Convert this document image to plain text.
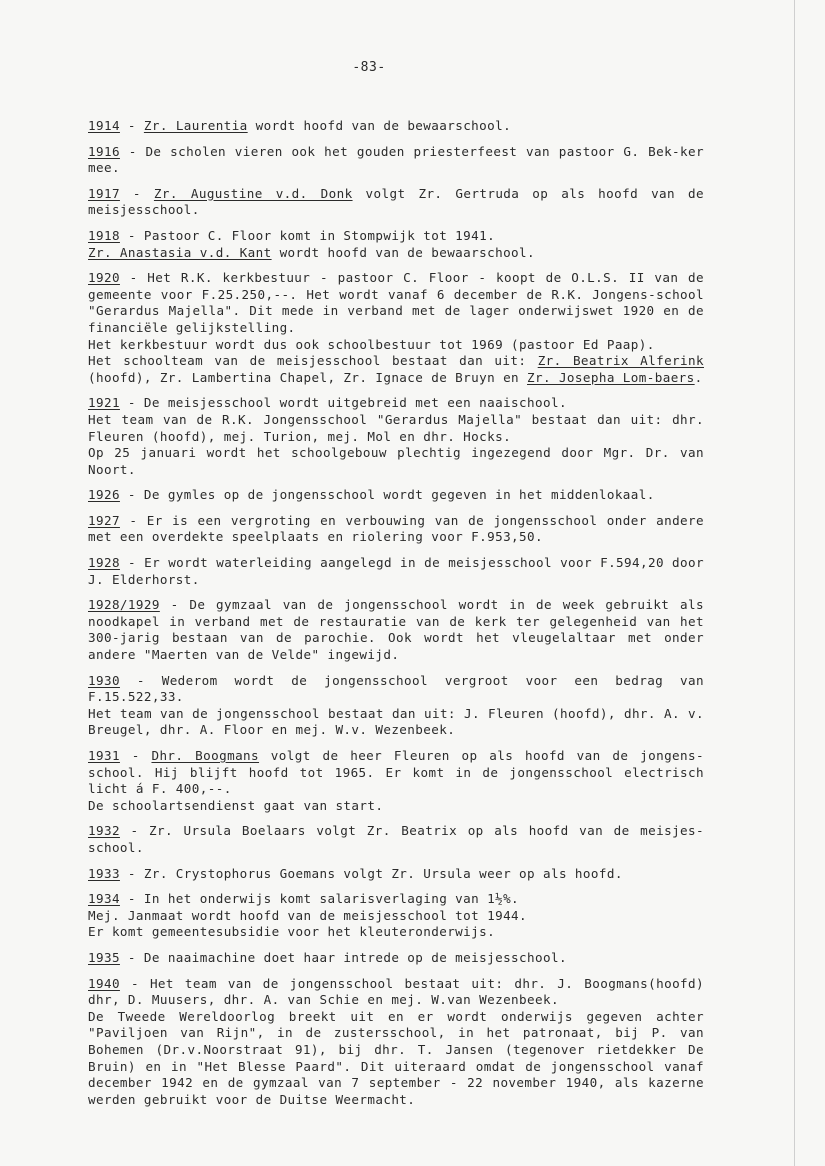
-83-

1914 - Zr. Laurentia wordt hoofd van de bewaarschool.

1916 - De scholen vieren ook het gouden priesterfeest van pastoor G. Bek-ker mee.

1917 - Zr. Augustine v.d. Donk volgt Zr. Gertruda op als hoofd van de meisjesschool.

1918 - Pastoor C. Floor komt in Stompwijk tot 1941.

Zr. Anastasia v.d. Kant wordt hoofd van de bewaarschool.

1920 - Het R.K. kerkbestuur - pastoor C. Floor - koopt de O.L.S. II van de gemeente voor F.25.250,--. Het wordt vanaf 6 december de R.K. Jongens-school "Gerardus Majella". Dit mede in verband met de lager onderwijswet 1920 en de financiële gelijkstelling.

Het kerkbestuur wordt dus ook schoolbestuur tot 1969 (pastoor Ed Paap).

Het schoolteam van de meisjesschool bestaat dan uit: Zr. Beatrix Alferink (hoofd), Zr. Lambertina Chapel, Zr. Ignace de Bruyn en Zr. Josepha Lom-baers.

1921 - De meisjesschool wordt uitgebreid met een naaischool.

Het team van de R.K. Jongensschool "Gerardus Majella" bestaat dan uit: dhr. Fleuren (hoofd), mej. Turion, mej. Mol en dhr. Hocks.

Op 25 januari wordt het schoolgebouw plechtig ingezegend door Mgr. Dr. van Noort.

1926 - De gymles op de jongensschool wordt gegeven in het middenlokaal.

1927 - Er is een vergroting en verbouwing van de jongensschool onder andere met een overdekte speelplaats en riolering voor F.953,50.

1928 - Er wordt waterleiding aangelegd in de meisjesschool voor F.594,20 door J. Elderhorst.

1928/1929 - De gymzaal van de jongensschool wordt in de week gebruikt als noodkapel in verband met de restauratie van de kerk ter gelegenheid van het 300-jarig bestaan van de parochie. Ook wordt het vleugelaltaar met onder andere "Maerten van de Velde" ingewijd.

1930 - Wederom wordt de jongensschool vergroot voor een bedrag van F.15.522,33.

Het team van de jongensschool bestaat dan uit: J. Fleuren (hoofd), dhr. A. v. Breugel, dhr. A. Floor en mej. W.v. Wezenbeek.

1931 - Dhr. Boogmans volgt de heer Fleuren op als hoofd van de jongens-school. Hij blijft hoofd tot 1965. Er komt in de jongensschool electrisch licht á F. 400,--.

De schoolartsendienst gaat van start.

1932 - Zr. Ursula Boelaars volgt Zr. Beatrix op als hoofd van de meisjes-school.

1933 - Zr. Crystophorus Goemans volgt Zr. Ursula weer op als hoofd.

1934 - In het onderwijs komt salarisverlaging van 1½%.

Mej. Janmaat wordt hoofd van de meisjesschool tot 1944.

Er komt gemeentesubsidie voor het kleuteronderwijs.

1935 - De naaimachine doet haar intrede op de meisjesschool.

1940 - Het team van de jongensschool bestaat uit: dhr. J. Boogmans(hoofd) dhr, D. Muusers, dhr. A. van Schie en mej. W.van Wezenbeek.

De Tweede Wereldoorlog breekt uit en er wordt onderwijs gegeven achter "Paviljoen van Rijn", in de zustersschool, in het patronaat, bij P. van Bohemen (Dr.v.Noorstraat 91), bij dhr. T. Jansen (tegenover rietdekker De Bruin) en in "Het Blesse Paard". Dit uiteraard omdat de jongensschool vanaf december 1942 en de gymzaal van 7 september - 22 november 1940, als kazerne werden gebruikt voor de Duitse Weermacht.
